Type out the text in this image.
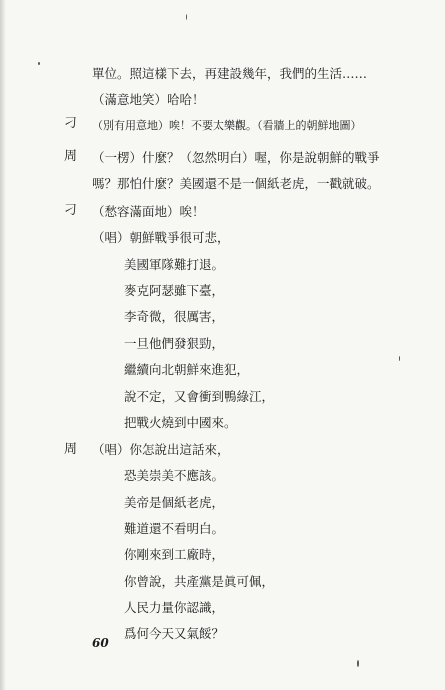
刁
周
刁
周
單位。照這樣下去，再建設幾年，我們的生活……
（滿意地笑）哈哈！
（別有用意地）唉！不要太樂觀。（看牆上的朝鮮地圖）
（一楞）什麼？（忽然明白）喔，你是說朝鮮的戰爭
嗎？那怕什麼？美國還不是一個紙老虎，一戳就破。
（愁容滿面地）唉！
（唱）朝鮮戰爭很可悲，
美國軍隊難打退。
麥克阿瑟雖下臺，
李奇微，很厲害，
一旦他們發狠勁，
繼續向北朝鮮來進犯，
說不定，又會衝到鴨綠江，
把戰火燒到中國來。
（唱）你怎說出這話來，
恐美崇美不應該。
美帝是個紙老虎，
難道還不看明白。
你剛來到工廠時，
你曾說，共產黨是眞可佩，
人民力量你認識，
爲何今天又氣餒？
60
